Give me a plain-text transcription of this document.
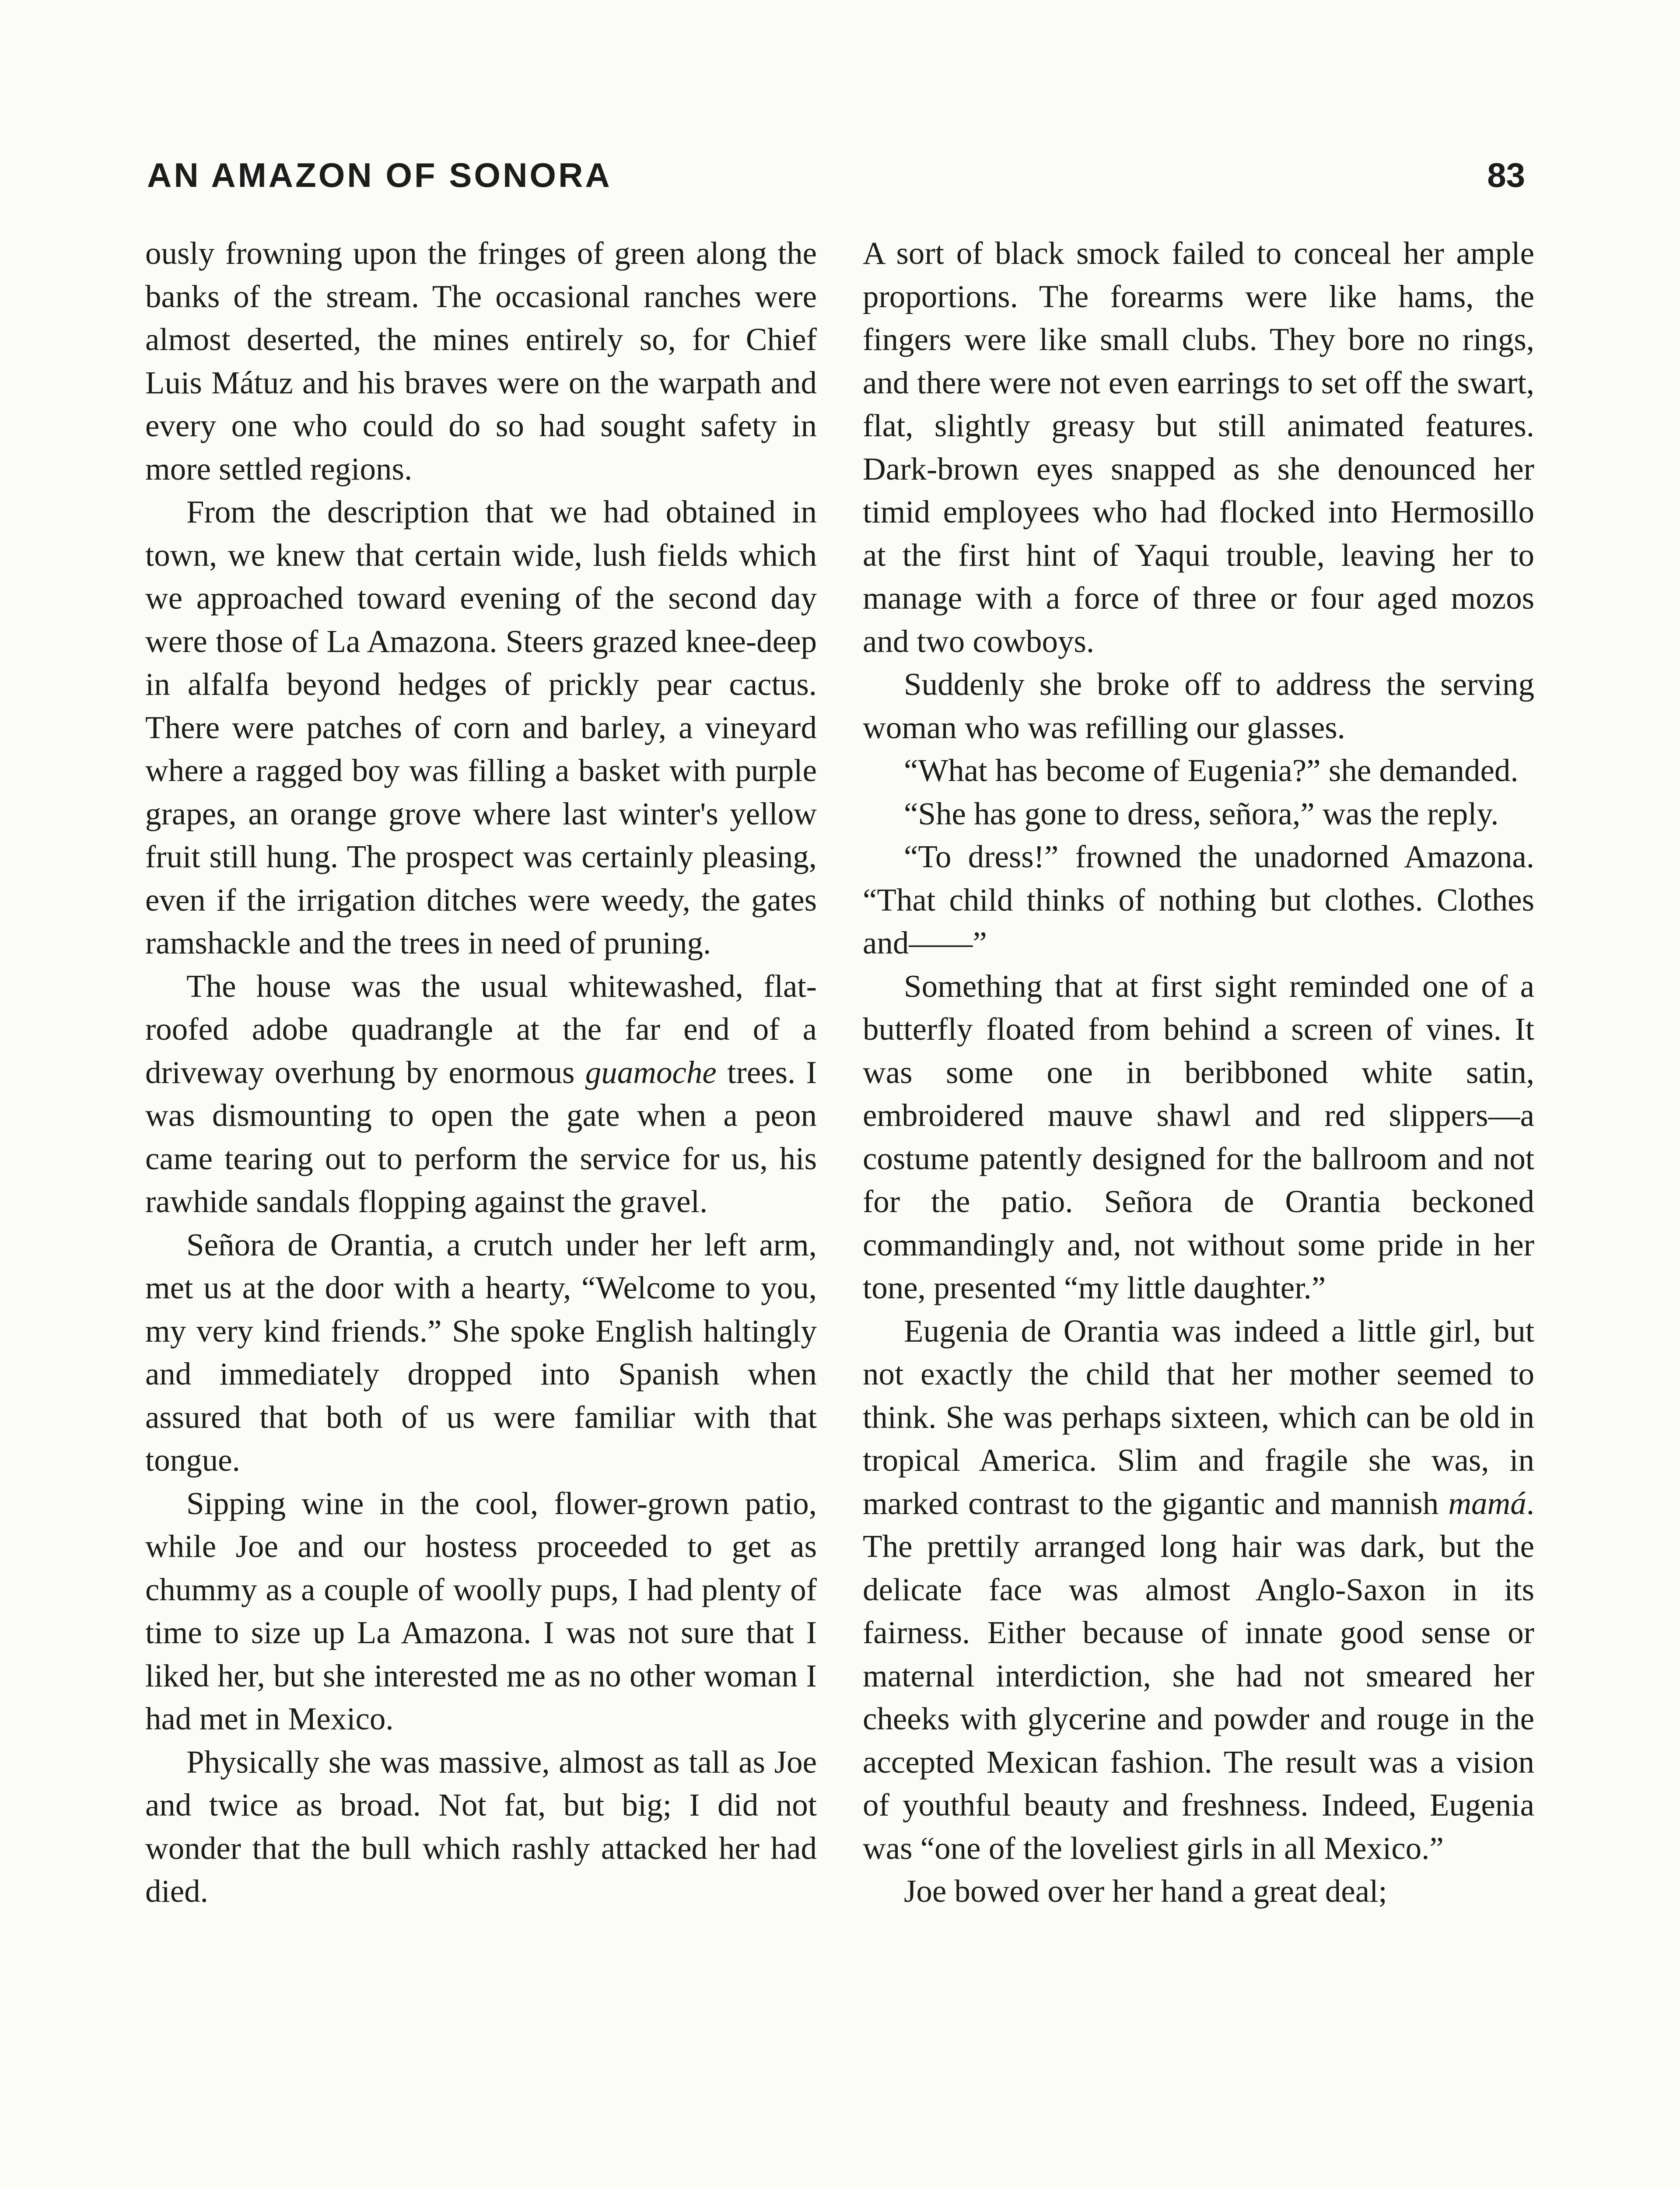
AN AMAZON OF SONORA	83

ously frowning upon the fringes of green along the banks of the stream. The occasional ranches were almost deserted, the mines entirely so, for Chief Luis Mátuz and his braves were on the warpath and every one who could do so had sought safety in more settled regions.

From the description that we had obtained in town, we knew that certain wide, lush fields which we approached toward evening of the second day were those of La Amazona. Steers grazed knee-deep in alfalfa beyond hedges of prickly pear cactus. There were patches of corn and barley, a vineyard where a ragged boy was filling a basket with purple grapes, an orange grove where last winter's yellow fruit still hung. The prospect was certainly pleasing, even if the irrigation ditches were weedy, the gates ramshackle and the trees in need of pruning.

The house was the usual whitewashed, flat-roofed adobe quadrangle at the far end of a driveway overhung by enormous guamoche trees. I was dismounting to open the gate when a peon came tearing out to perform the service for us, his rawhide sandals flopping against the gravel.

Señora de Orantia, a crutch under her left arm, met us at the door with a hearty, “Welcome to you, my very kind friends.” She spoke English haltingly and immediately dropped into Spanish when assured that both of us were familiar with that tongue.

Sipping wine in the cool, flower-grown patio, while Joe and our hostess proceeded to get as chummy as a couple of woolly pups, I had plenty of time to size up La Amazona. I was not sure that I liked her, but she interested me as no other woman I had met in Mexico.

Physically she was massive, almost as tall as Joe and twice as broad. Not fat, but big; I did not wonder that the bull which rashly attacked her had died.

A sort of black smock failed to conceal her ample proportions. The forearms were like hams, the fingers were like small clubs. They bore no rings, and there were not even earrings to set off the swart, flat, slightly greasy but still animated features. Dark-brown eyes snapped as she denounced her timid employees who had flocked into Hermosillo at the first hint of Yaqui trouble, leaving her to manage with a force of three or four aged mozos and two cowboys.

Suddenly she broke off to address the serving woman who was refilling our glasses.

“What has become of Eugenia?” she demanded.

“She has gone to dress, señora,” was the reply.

“To dress!” frowned the unadorned Amazona. “That child thinks of nothing but clothes. Clothes and——”

Something that at first sight reminded one of a butterfly floated from behind a screen of vines. It was some one in beribboned white satin, embroidered mauve shawl and red slippers—a costume patently designed for the ballroom and not for the patio. Señora de Orantia beckoned commandingly and, not without some pride in her tone, presented “my little daughter.”

Eugenia de Orantia was indeed a little girl, but not exactly the child that her mother seemed to think. She was perhaps sixteen, which can be old in tropical America. Slim and fragile she was, in marked contrast to the gigantic and mannish mamá. The prettily arranged long hair was dark, but the delicate face was almost Anglo-Saxon in its fairness. Either because of innate good sense or maternal interdiction, she had not smeared her cheeks with glycerine and powder and rouge in the accepted Mexican fashion. The result was a vision of youthful beauty and freshness. Indeed, Eugenia was “one of the loveliest girls in all Mexico.”

Joe bowed over her hand a great deal;
